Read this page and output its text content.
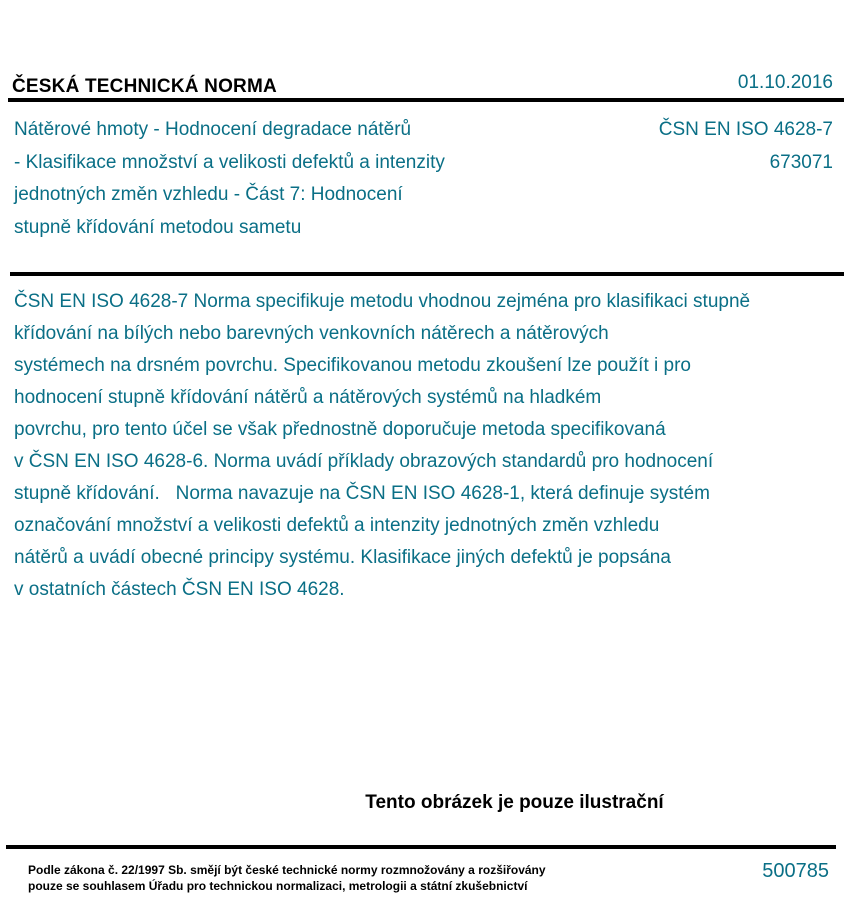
ČESKÁ TECHNICKÁ NORMA	01.10.2016
Nátěrové hmoty - Hodnocení degradace nátěrů
- Klasifikace množství a velikosti defektů a intenzity
jednotných změn vzhledu - Část 7: Hodnocení
stupně křídování metodou sametu
ČSN EN ISO 4628-7
673071

ČSN EN ISO 4628-7 Norma specifikuje metodu vhodnou zejména pro klasifikaci stupně

křídování na bílých nebo barevných venkovních nátěrech a nátěrových

systémech na drsném povrchu. Specifikovanou metodu zkoušení lze použít i pro

hodnocení stupně křídování nátěrů a nátěrových systémů na hladkém

povrchu, pro tento účel se však přednostně doporučuje metoda specifikovaná

v ČSN EN ISO 4628-6. Norma uvádí příklady obrazových standardů pro hodnocení

stupně křídování.   Norma navazuje na ČSN EN ISO 4628-1, která definuje systém

označování množství a velikosti defektů a intenzity jednotných změn vzhledu

nátěrů a uvádí obecné principy systému. Klasifikace jiných defektů je popsána

v ostatních částech ČSN EN ISO 4628.

Tento obrázek je pouze ilustrační
Podle zákona č. 22/1997 Sb. smějí být české technické normy rozmnožovány a rozšiřovány
pouze se souhlasem Úřadu pro technickou normalizaci, metrologii a státní zkušebnictví
500785
